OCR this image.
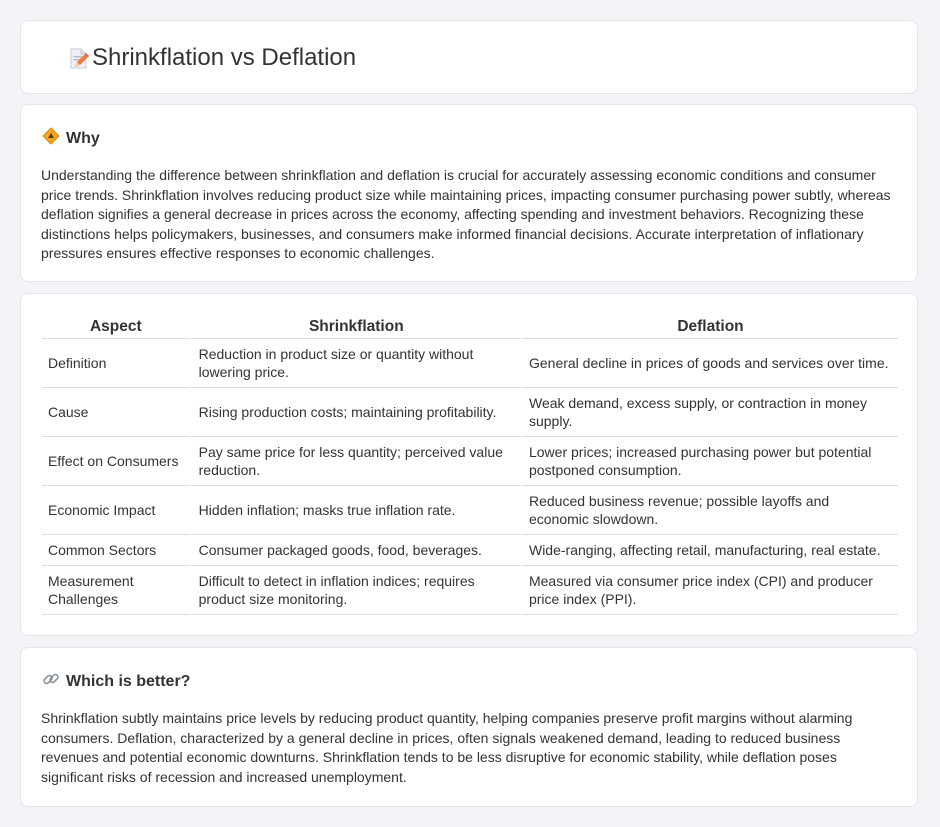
Shrinkflation vs Deflation
Why

Understanding the difference between shrinkflation and deflation is crucial for accurately assessing economic conditions and consumer price trends. Shrinkflation involves reducing product size while maintaining prices, impacting consumer purchasing power subtly, whereas deflation signifies a general decrease in prices across the economy, affecting spending and investment behaviors. Recognizing these distinctions helps policymakers, businesses, and consumers make informed financial decisions. Accurate interpretation of inflationary pressures ensures effective responses to economic challenges.

Aspect	Shrinkflation	Deflation
Definition	Reduction in product size or quantity without lowering price.	General decline in prices of goods and services over time.
Cause	Rising production costs; maintaining profitability.	Weak demand, excess supply, or contraction in money supply.
Effect on Consumers	Pay same price for less quantity; perceived value reduction.	Lower prices; increased purchasing power but potential postponed consumption.
Economic Impact	Hidden inflation; masks true inflation rate.	Reduced business revenue; possible layoffs and economic slowdown.
Common Sectors	Consumer packaged goods, food, beverages.	Wide-ranging, affecting retail, manufacturing, real estate.
Measurement Challenges	Difficult to detect in inflation indices; requires product size monitoring.	Measured via consumer price index (CPI) and producer price index (PPI).
Which is better?

Shrinkflation subtly maintains price levels by reducing product quantity, helping companies preserve profit margins without alarming consumers. Deflation, characterized by a general decline in prices, often signals weakened demand, leading to reduced business revenues and potential economic downturns. Shrinkflation tends to be less disruptive for economic stability, while deflation poses significant risks of recession and increased unemployment.
